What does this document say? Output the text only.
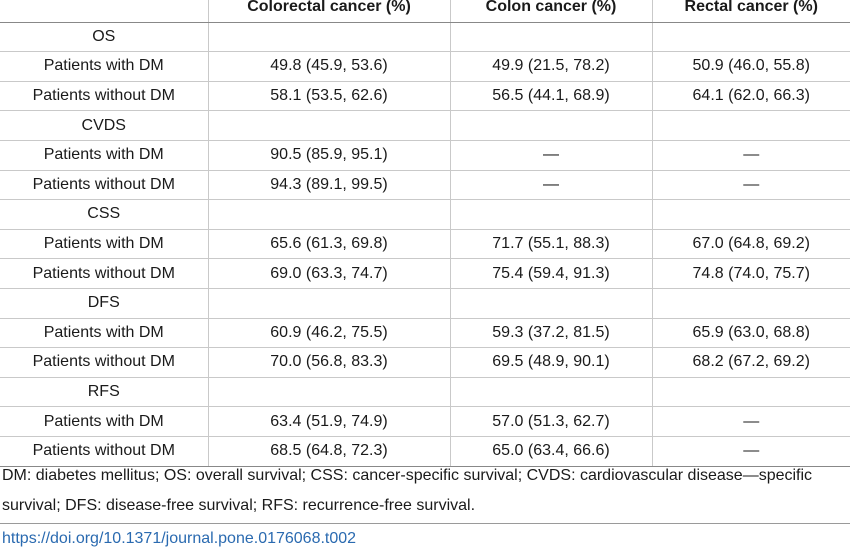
	Colorectal cancer (%)	Colon cancer (%)	Rectal cancer (%)
OS			
Patients with DM	49.8 (45.9, 53.6)	49.9 (21.5, 78.2)	50.9 (46.0, 55.8)
Patients without DM	58.1 (53.5, 62.6)	56.5 (44.1, 68.9)	64.1 (62.0, 66.3)
CVDS			
Patients with DM	90.5 (85.9, 95.1)	—	—
Patients without DM	94.3 (89.1, 99.5)	—	—
CSS			
Patients with DM	65.6 (61.3, 69.8)	71.7 (55.1, 88.3)	67.0 (64.8, 69.2)
Patients without DM	69.0 (63.3, 74.7)	75.4 (59.4, 91.3)	74.8 (74.0, 75.7)
DFS			
Patients with DM	60.9 (46.2, 75.5)	59.3 (37.2, 81.5)	65.9 (63.0, 68.8)
Patients without DM	70.0 (56.8, 83.3)	69.5 (48.9, 90.1)	68.2 (67.2, 69.2)
RFS			
Patients with DM	63.4 (51.9, 74.9)	57.0 (51.3, 62.7)	—
Patients without DM	68.5 (64.8, 72.3)	65.0 (63.4, 66.6)	—
DM: diabetes mellitus; OS: overall survival; CSS: cancer-specific survival; CVDS: cardiovascular disease—specific survival; DFS: disease-free survival; RFS: recurrence-free survival.
https://doi.org/10.1371/journal.pone.0176068.t002
